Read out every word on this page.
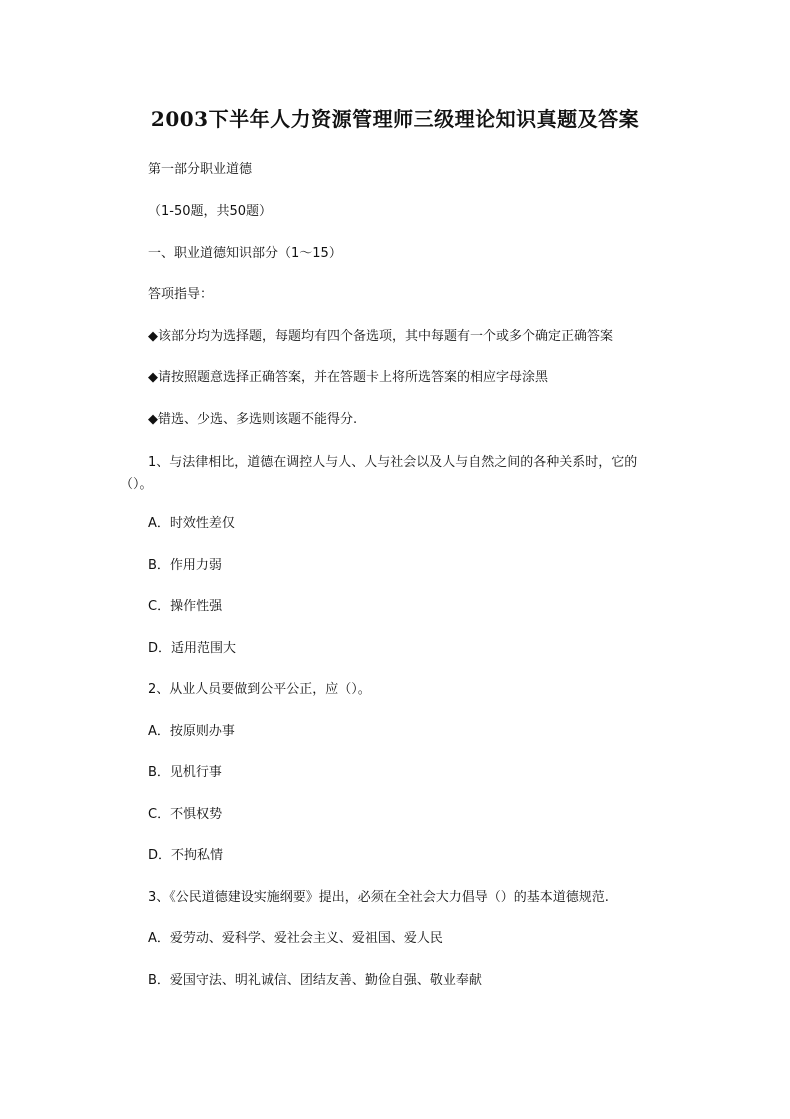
2003下半年人力资源管理师三级理论知识真题及答案

第一部分职业道德

（1-50题，共50题）

一、职业道德知识部分（1～15）

答项指导：

◆该部分均为选择题，每题均有四个备选项，其中每题有一个或多个确定正确答案

◆请按照题意选择正确答案，并在答题卡上将所选答案的相应字母涂黑

◆错选、少选、多选则该题不能得分.

1、与法律相比，道德在调控人与人、人与社会以及人与自然之间的各种关系时，它的（）。

A．时效性差仅

B．作用力弱

C．操作性强

D．适用范围大

2、从业人员要做到公平公正，应（）。

A．按原则办事

B．见机行事

C．不惧权势

D．不拘私情

3、《公民道德建设实施纲要》提出，必须在全社会大力倡导（）的基本道德规范.

A．爱劳动、爱科学、爱社会主义、爱祖国、爱人民

B．爱国守法、明礼诚信、团结友善、勤俭自强、敬业奉献
